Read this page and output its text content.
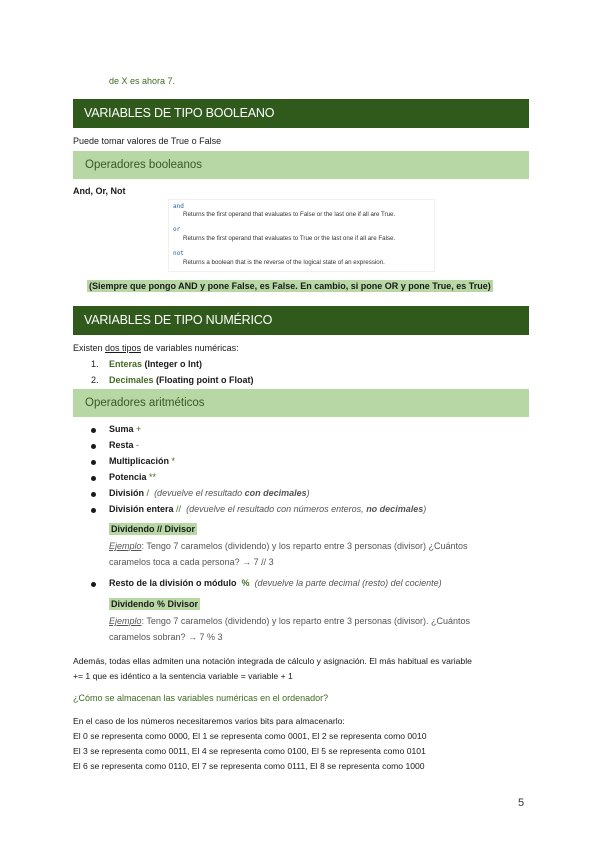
de X es ahora 7.
VARIABLES DE TIPO BOOLEANO
Puede tomar valores de True o False
Operadores booleanos
And, Or, Not
and
Returns the first operand that evaluates to False or the last one if all are True.
or
Returns the first operand that evaluates to True or the last one if all are False.
not
Returns a boolean that is the reverse of the logical state of an expression.
(Siempre que pongo AND y pone False, es False. En cambio, si pone OR y pone True, es True)
VARIABLES DE TIPO NUMÉRICO
Existen dos tipos de variables numéricas:
1. Enteras (Integer o Int)
2. Decimales (Floating point o Float)
Operadores aritméticos
Suma +
Resta -
Multiplicación *
Potencia **
División / (devuelve el resultado con decimales)
División entera // (devuelve el resultado con números enteros, no decimales)
Dividendo // Divisor
Ejemplo: Tengo 7 caramelos (dividendo) y los reparto entre 3 personas (divisor) ¿Cuántos
caramelos toca a cada persona? → 7 // 3
Resto de la división o módulo % (devuelve la parte decimal (resto) del cociente)
Dividendo % Divisor
Ejemplo: Tengo 7 caramelos (dividendo) y los reparto entre 3 personas (divisor). ¿Cuántos
caramelos sobran? → 7 % 3
Además, todas ellas admiten una notación integrada de cálculo y asignación. El más habitual es variable
+= 1 que es idéntico a la sentencia variable = variable + 1
¿Cómo se almacenan las variables numéricas en el ordenador?
En el caso de los números necesitaremos varios bits para almacenarlo:
El 0 se representa como 0000, El 1 se representa como 0001, El 2 se representa como 0010
El 3 se representa como 0011, El 4 se representa como 0100, El 5 se representa como 0101
El 6 se representa como 0110, El 7 se representa como 0111, El 8 se representa como 1000
5
